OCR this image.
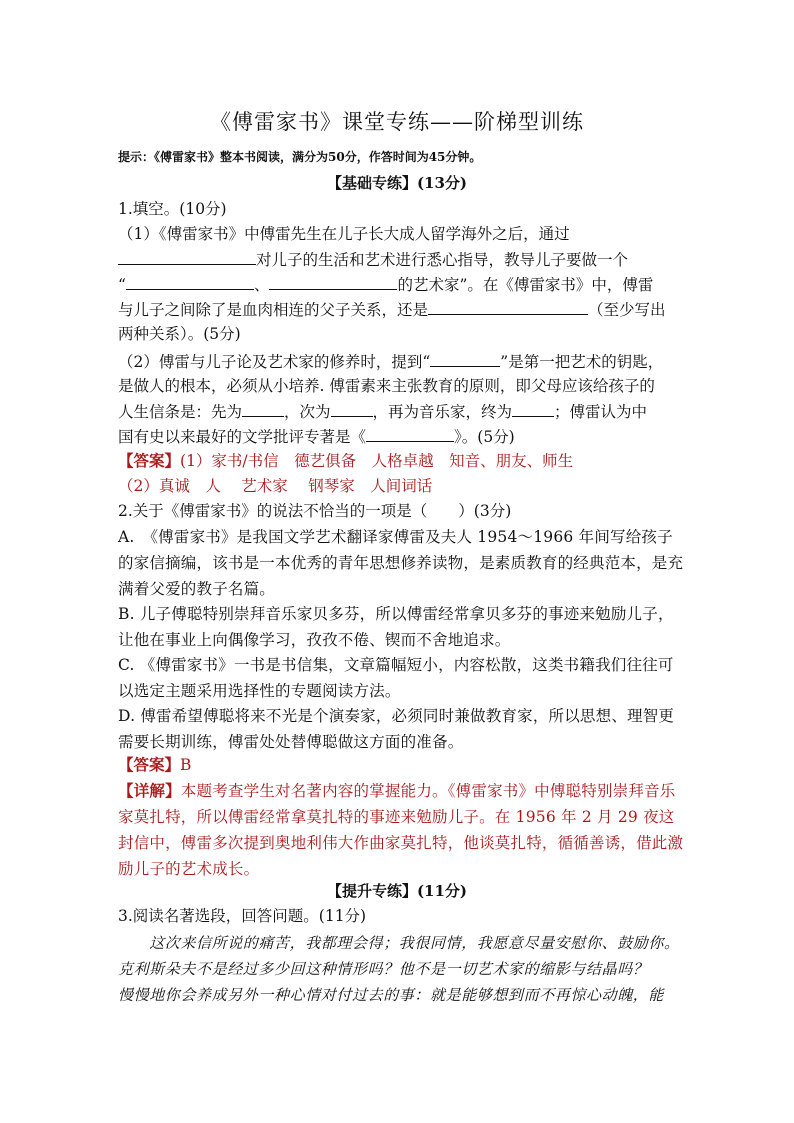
《傅雷家书》课堂专练——阶梯型训练
提示：《傅雷家书》整本书阅读，满分为50分，作答时间为45分钟。
【基础专练】(13分)
1.填空。(10分)
（1）《傅雷家书》中傅雷先生在儿子长大成人留学海外之后，通过
对儿子的生活和艺术进行悉心指导，教导儿子要做一个
“	、	的艺术家”。在《傅雷家书》中，傅雷
与儿子之间除了是血肉相连的父子关系，还是	（至少写出
两种关系）。(5分)
（2）傅雷与儿子论及艺术家的修养时，提到“	”是第一把艺术的钥匙，
是做人的根本，必须从小培养. 傅雷素来主张教育的原则，即父母应该给孩子的
人生信条是：先为	，次为	，再为音乐家，终为	；傅雷认为中
国有史以来最好的文学批评专著是《	》。(5分)
【答案】(1）家书/书信　德艺俱备　人格卓越　知音、朋友、师生
（2）真诚　人　 艺术家　 钢琴家　人间词话
2.关于《傅雷家书》的说法不恰当的一项是（　　）(3分)
A.　《傅雷家书》是我国文学艺术翻译家傅雷及夫人 1954～1966 年间写给孩子的家信摘编，该书是一本优秀的青年思想修养读物，是素质教育的经典范本，是充满着父爱的教子名篇。
B. 儿子傅聪特别崇拜音乐家贝多芬，所以傅雷经常拿贝多芬的事迹来勉励儿子，让他在事业上向偶像学习，孜孜不倦、锲而不舍地追求。
C. 《傅雷家书》一书是书信集，文章篇幅短小，内容松散，这类书籍我们往往可以选定主题采用选择性的专题阅读方法。
D. 傅雷希望傅聪将来不光是个演奏家，必须同时兼做教育家，所以思想、理智更需要长期训练，傅雷处处替傅聪做这方面的准备。
【答案】B
【详解】本题考查学生对名著内容的掌握能力。《傅雷家书》中傅聪特别崇拜音乐家莫扎特，所以傅雷经常拿莫扎特的事迹来勉励儿子。在 1956 年 2 月 29 夜这封信中，傅雷多次提到奥地利伟大作曲家莫扎特，他谈莫扎特，循循善诱，借此激励儿子的艺术成长。
【提升专练】(11分)
3.阅读名著选段，回答问题。(11分)
　　这次来信所说的痛苦，我都理会得；我很同情，我愿意尽量安慰你、鼓励你。
克利斯朵夫不是经过多少回这种情形吗？他不是一切艺术家的缩影与结晶吗？
慢慢地你会养成另外一种心情对付过去的事：就是能够想到而不再惊心动魄，能
